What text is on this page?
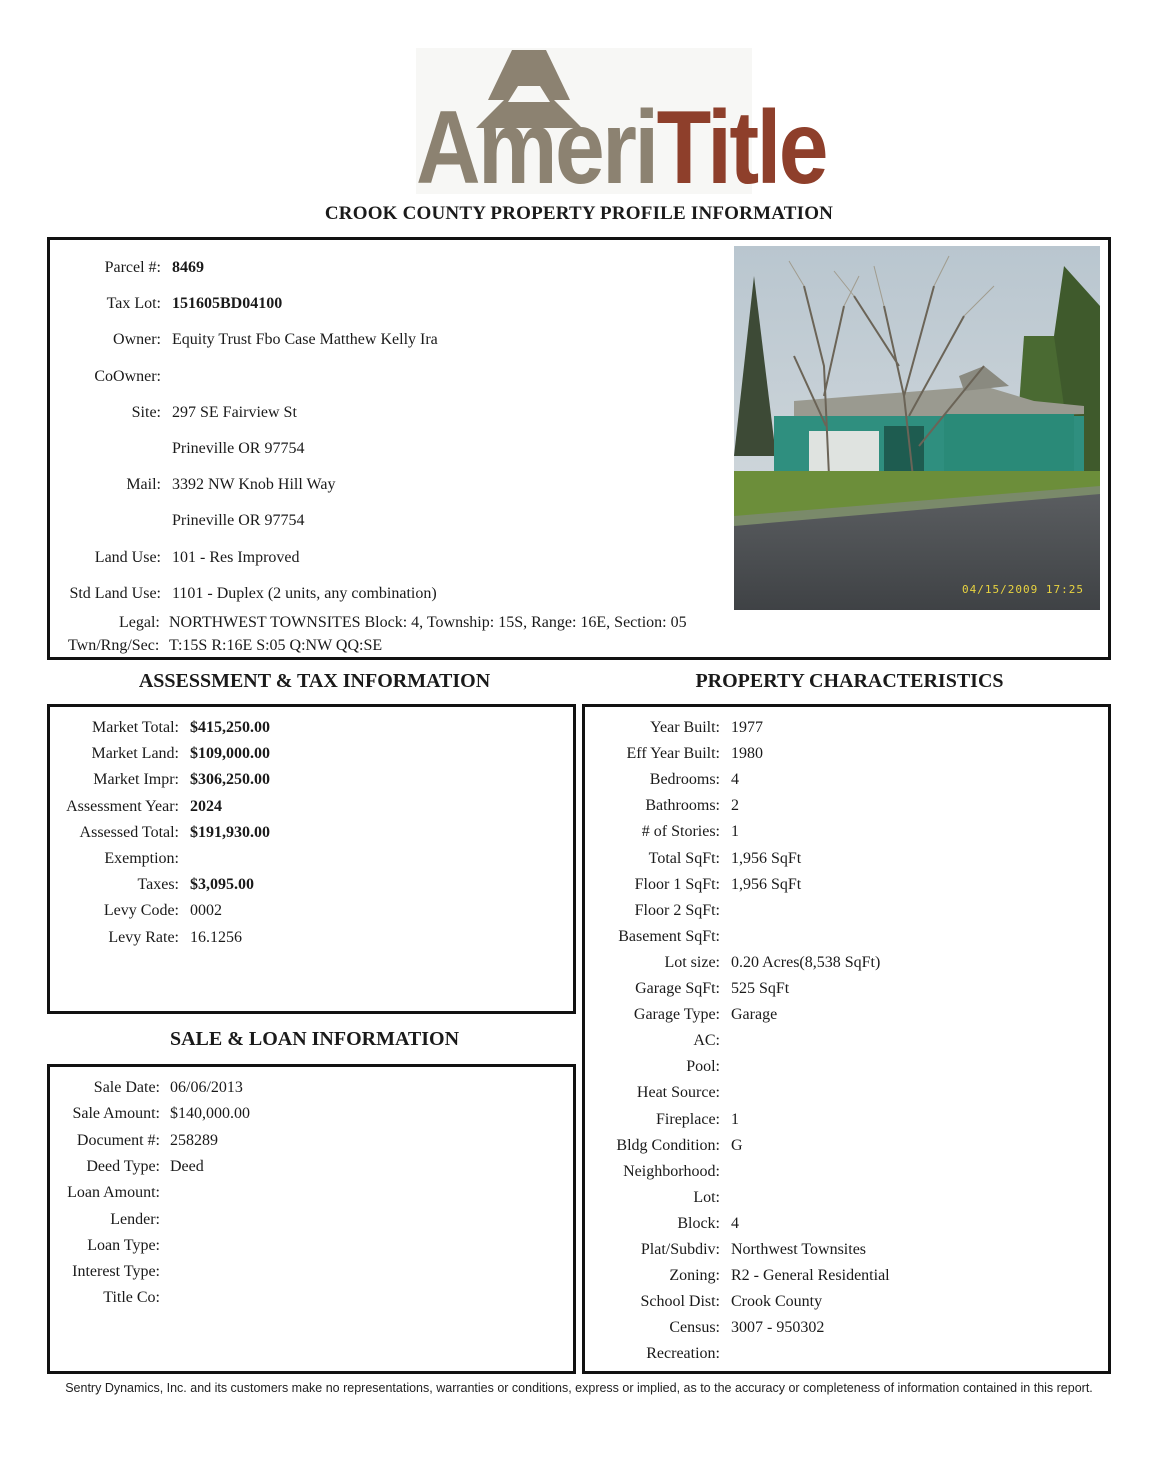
AmeriTitle
CROOK COUNTY PROPERTY PROFILE INFORMATION
Parcel #: 8469
Tax Lot: 151605BD04100
Owner: Equity Trust Fbo Case Matthew Kelly Ira
CoOwner:
Site: 297 SE Fairview St
Prineville OR 97754
Mail: 3392 NW Knob Hill Way
Prineville OR 97754
Land Use: 101 - Res Improved
Std Land Use: 1101 - Duplex (2 units, any combination)
Legal: NORTHWEST TOWNSITES Block: 4, Township: 15S, Range: 16E, Section: 05
Twn/Rng/Sec: T:15S R:16E S:05 Q:NW QQ:SE
04/15/2009 17:25
ASSESSMENT & TAX INFORMATION	PROPERTY CHARACTERISTICS
SALE & LOAN INFORMATION
Market Total: $415,250.00
Market Land: $109,000.00
Market Impr: $306,250.00
Assessment Year: 2024
Assessed Total: $191,930.00
Exemption:
Taxes: $3,095.00
Levy Code: 0002
Levy Rate: 16.1256
Sale Date: 06/06/2013
Sale Amount: $140,000.00
Document #: 258289
Deed Type: Deed
Loan Amount:
Lender:
Loan Type:
Interest Type:
Title Co:
Year Built: 1977
Eff Year Built: 1980
Bedrooms: 4
Bathrooms: 2
# of Stories: 1
Total SqFt: 1,956 SqFt
Floor 1 SqFt: 1,956 SqFt
Floor 2 SqFt:
Basement SqFt:
Lot size: 0.20 Acres(8,538 SqFt)
Garage SqFt: 525 SqFt
Garage Type: Garage
AC:
Pool:
Heat Source:
Fireplace: 1
Bldg Condition: G
Neighborhood:
Lot:
Block: 4
Plat/Subdiv: Northwest Townsites
Zoning: R2 - General Residential
School Dist: Crook County
Census: 3007 - 950302
Recreation:
Sentry Dynamics, Inc. and its customers make no representations, warranties or conditions, express or implied, as to the accuracy or completeness of information contained in this report.
